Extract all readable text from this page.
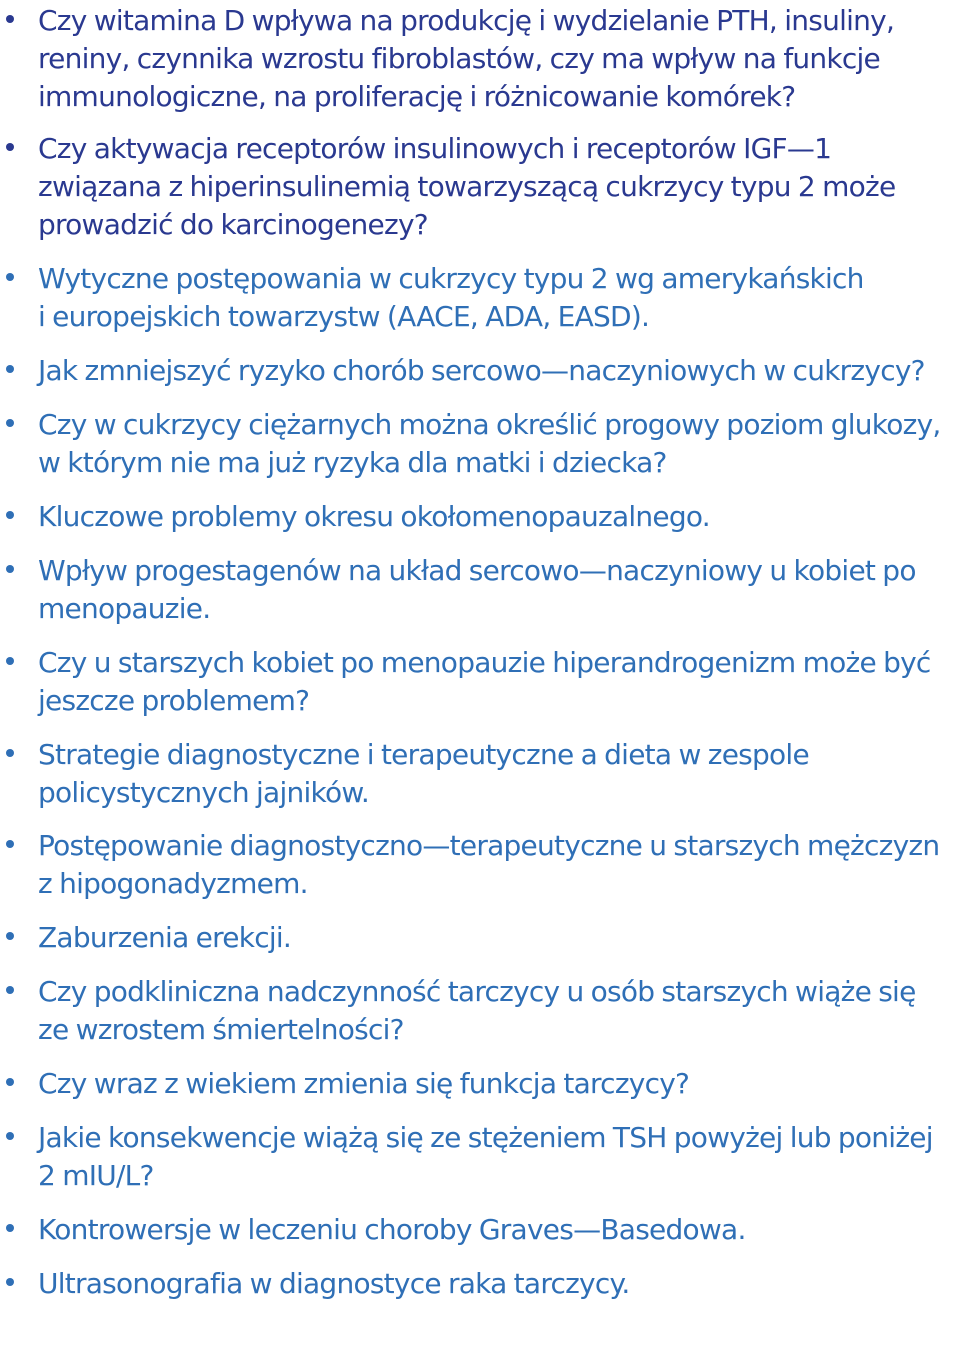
Czy witamina D wpływa na produkcję i wydzielanie PTH, insuliny,
reniny, czynnika wzrostu fibroblastów, czy ma wpływ na funkcje
immunologiczne, na proliferację i różnicowanie komórek?
Czy aktywacja receptorów insulinowych i receptorów IGF—1
związana z hiperinsulinemią towarzyszącą cukrzycy typu 2 może
prowadzić do karcinogenezy?
Wytyczne postępowania w cukrzycy typu 2 wg amerykańskich
i europejskich towarzystw (AACE, ADA, EASD).
Jak zmniejszyć ryzyko chorób sercowo—naczyniowych w cukrzycy?
Czy w cukrzycy ciężarnych można określić progowy poziom glukozy,
w którym nie ma już ryzyka dla matki i dziecka?
Kluczowe problemy okresu okołomenopauzalnego.
Wpływ progestagenów na układ sercowo—naczyniowy u kobiet po
menopauzie.
Czy u starszych kobiet po menopauzie hiperandrogenizm może być
jeszcze problemem?
Strategie diagnostyczne i terapeutyczne a dieta w zespole
policystycznych jajników.
Postępowanie diagnostyczno—terapeutyczne u starszych mężczyzn
z hipogonadyzmem.
Zaburzenia erekcji.
Czy podkliniczna nadczynność tarczycy u osób starszych wiąże się
ze wzrostem śmiertelności?
Czy wraz z wiekiem zmienia się funkcja tarczycy?
Jakie konsekwencje wiążą się ze stężeniem TSH powyżej lub poniżej
2 mIU/L?
Kontrowersje w leczeniu choroby Graves—Basedowa.
Ultrasonografia w diagnostyce raka tarczycy.
